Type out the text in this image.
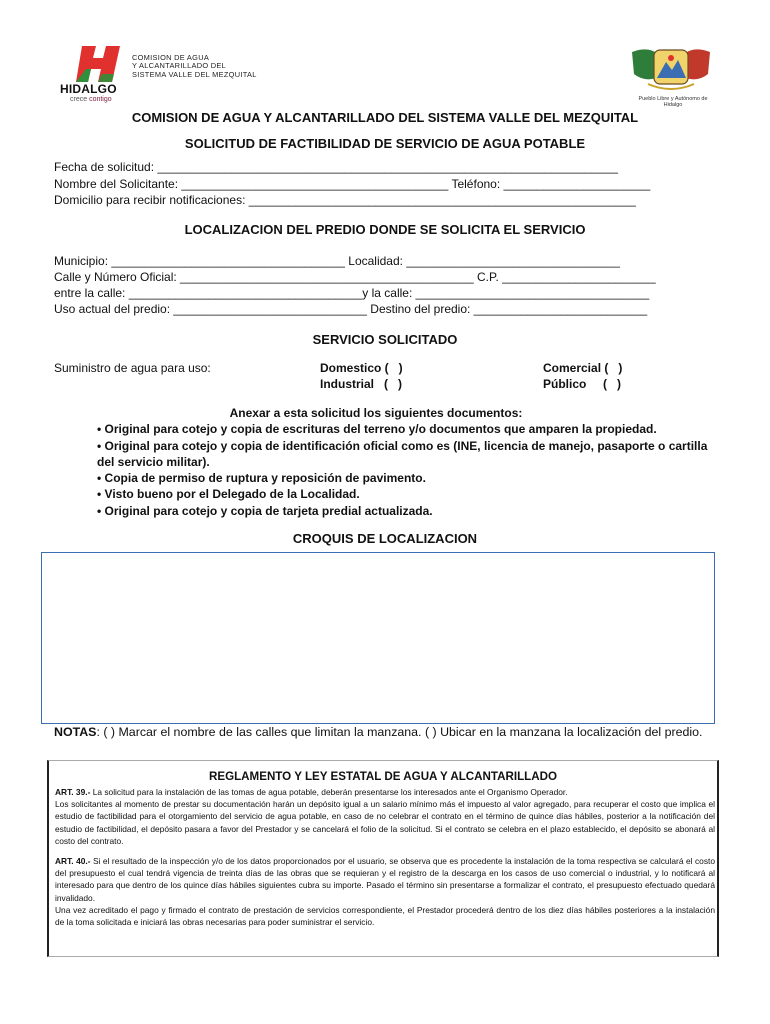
HIDALGO
crece contigo
COMISION DE AGUA
Y ALCANTARILLADO DEL
SISTEMA VALLE DEL MEZQUITAL
Pueblo Libre y Autónomo de Hidalgo
COMISION DE AGUA Y ALCANTARILLADO DEL SISTEMA VALLE DEL MEZQUITAL
SOLICITUD DE FACTIBILIDAD DE SERVICIO DE AGUA POTABLE
Fecha de solicitud: _____________________________________________________________________
Nombre del Solicitante: ________________________________________ Teléfono: ______________________
Domicilio para recibir notificaciones: __________________________________________________________
LOCALIZACION DEL PREDIO DONDE SE SOLICITA EL SERVICIO
Municipio: ___________________________________ Localidad: ________________________________
Calle y Número Oficial: ____________________________________________ C.P. _______________________
entre la calle: ___________________________________y la calle: ___________________________________
Uso actual del predio: _____________________________ Destino del predio: __________________________
SERVICIO SOLICITADO
Suministro de agua para uso:	Domestico (   )
Industrial   (   )
Comercial (   )
Público     (   )
Anexar a esta solicitud los siguientes documentos:
• Original para cotejo y copia de escrituras del terreno y/o documentos que amparen la propiedad.
• Original para cotejo y copia de identificación oficial como es (INE, licencia de manejo, pasaporte o cartilla del servicio militar).
• Copia de permiso de ruptura y reposición de pavimento.
• Visto bueno por el Delegado de la Localidad.
• Original para cotejo y copia de tarjeta predial actualizada.
CROQUIS DE LOCALIZACION
NOTAS: ( ) Marcar el nombre de las calles que limitan la manzana. ( ) Ubicar en la manzana la localización del predio.
REGLAMENTO Y LEY ESTATAL DE AGUA Y ALCANTARILLADO

ART. 39.- La solicitud para la instalación de las tomas de agua potable, deberán presentarse los interesados ante el Organismo Operador.

Los solicitantes al momento de prestar su documentación harán un depósito igual a un salario mínimo más el impuesto al valor agregado, para recuperar el costo que implica el estudio de factibilidad para el otorgamiento del servicio de agua potable, en caso de no celebrar el contrato en el término de quince días hábiles, posterior a la notificación del estudio de factibilidad, el depósito pasara a favor del Prestador y se cancelará el folio de la solicitud. Si el contrato se celebra en el plazo establecido, el depósito se abonará al costo del contrato.

ART. 40.- Si el resultado de la inspección y/o de los datos proporcionados por el usuario, se observa que es procedente la instalación de la toma respectiva se calculará el costo del presupuesto el cual tendrá vigencia de treinta días de las obras que se requieran y el registro de la descarga en los casos de uso comercial o industrial, y lo notificará al interesado para que dentro de los quince días hábiles siguientes cubra su importe. Pasado el término sin presentarse a formalizar el contrato, el presupuesto efectuado quedará invalidado.

Una vez acreditado el pago y firmado el contrato de prestación de servicios correspondiente, el Prestador procederá dentro de los diez días hábiles posteriores a la instalación de la toma solicitada e iniciará las obras necesarias para poder suministrar el servicio.
